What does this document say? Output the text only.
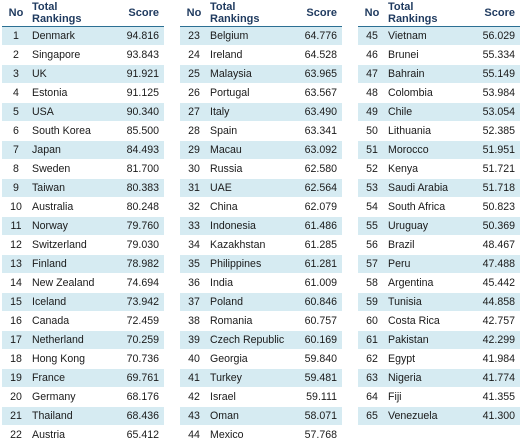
No	Total Rankings	Score
1	Denmark	94.816
2	Singapore	93.843
3	UK	91.921
4	Estonia	91.125
5	USA	90.340
6	South Korea	85.500
7	Japan	84.493
8	Sweden	81.700
9	Taiwan	80.383
10	Australia	80.248
11	Norway	79.760
12	Switzerland	79.030
13	Finland	78.982
14	New Zealand	74.694
15	Iceland	73.942
16	Canada	72.459
17	Netherland	70.259
18	Hong Kong	70.736
19	France	69.761
20	Germany	68.176
21	Thailand	68.436
22	Austria	65.412
No	Total Rankings	Score
23	Belgium	64.776
24	Ireland	64.528
25	Malaysia	63.965
26	Portugal	63.567
27	Italy	63.490
28	Spain	63.341
29	Macau	63.092
30	Russia	62.580
31	UAE	62.564
32	China	62.079
33	Indonesia	61.486
34	Kazakhstan	61.285
35	Philippines	61.281
36	India	61.009
37	Poland	60.846
38	Romania	60.757
39	Czech Republic	60.169
40	Georgia	59.840
41	Turkey	59.481
42	Israel	59.111
43	Oman	58.071
44	Mexico	57.768
No	Total Rankings	Score
45	Vietnam	56.029
46	Brunei	55.334
47	Bahrain	55.149
48	Colombia	53.984
49	Chile	53.054
50	Lithuania	52.385
51	Morocco	51.951
52	Kenya	51.721
53	Saudi Arabia	51.718
54	South Africa	50.823
55	Uruguay	50.369
56	Brazil	48.467
57	Peru	47.488
58	Argentina	45.442
59	Tunisia	44.858
60	Costa Rica	42.757
61	Pakistan	42.299
62	Egypt	41.984
63	Nigeria	41.774
64	Fiji	41.355
65	Venezuela	41.300
